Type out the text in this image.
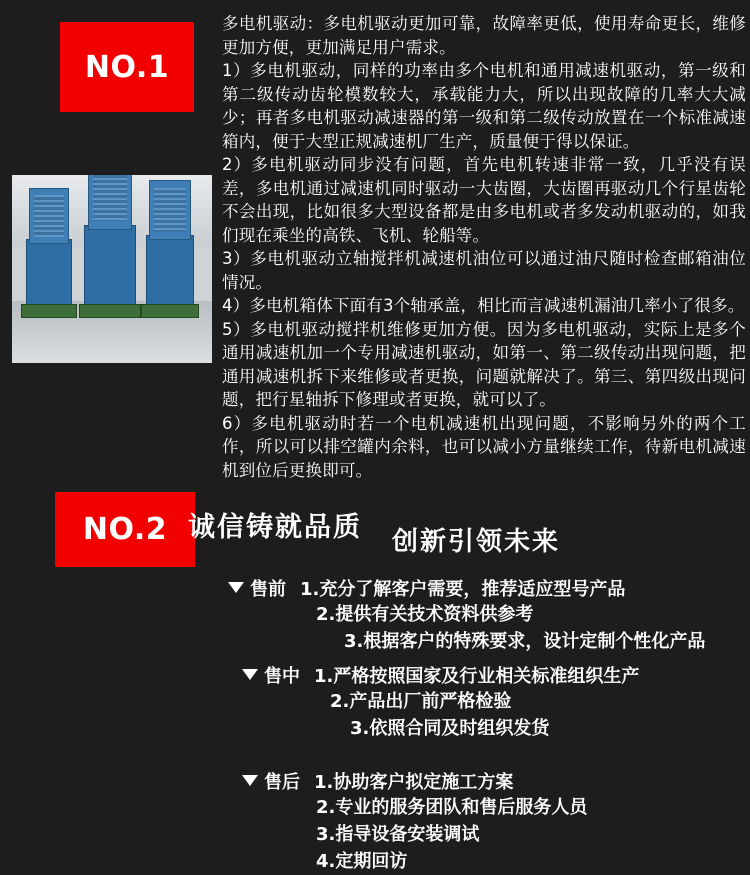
NO.1

多电机驱动：多电机驱动更加可靠，故障率更低，使用寿命更长，维修更加方便，更加满足用户需求。

1）多电机驱动，同样的功率由多个电机和通用减速机驱动，第一级和第二级传动齿轮模数较大，承载能力大，所以出现故障的几率大大减少；再者多电机驱动减速器的第一级和第二级传动放置在一个标准减速箱内，便于大型正规减速机厂生产，质量便于得以保证。

2）多电机驱动同步没有问题，首先电机转速非常一致，几乎没有误差，多电机通过减速机同时驱动一大齿圈，大齿圈再驱动几个行星齿轮不会出现，比如很多大型设备都是由多电机或者多发动机驱动的，如我们现在乘坐的高铁、飞机、轮船等。

3）多电机驱动立轴搅拌机减速机油位可以通过油尺随时检查邮箱油位情况。

4）多电机箱体下面有3个轴承盖，相比而言减速机漏油几率小了很多。

5）多电机驱动搅拌机维修更加方便。因为多电机驱动，实际上是多个通用减速机加一个专用减速机驱动，如第一、第二级传动出现问题，把通用减速机拆下来维修或者更换，问题就解决了。第三、第四级出现问题，把行星轴拆下修理或者更换，就可以了。

6）多电机驱动时若一个电机减速机出现问题，不影响另外的两个工作，所以可以排空罐内余料，也可以减小方量继续工作，待新电机减速机到位后更换即可。

NO.2 诚信铸就品质 创新引领未来
售前 1.充分了解客户需要，推荐适应型号产品
2.提供有关技术资料供参考
3.根据客户的特殊要求，设计定制个性化产品
售中 1.严格按照国家及行业相关标准组织生产
2.产品出厂前严格检验
3.依照合同及时组织发货
售后 1.协助客户拟定施工方案
2.专业的服务团队和售后服务人员
3.指导设备安装调试
4.定期回访
